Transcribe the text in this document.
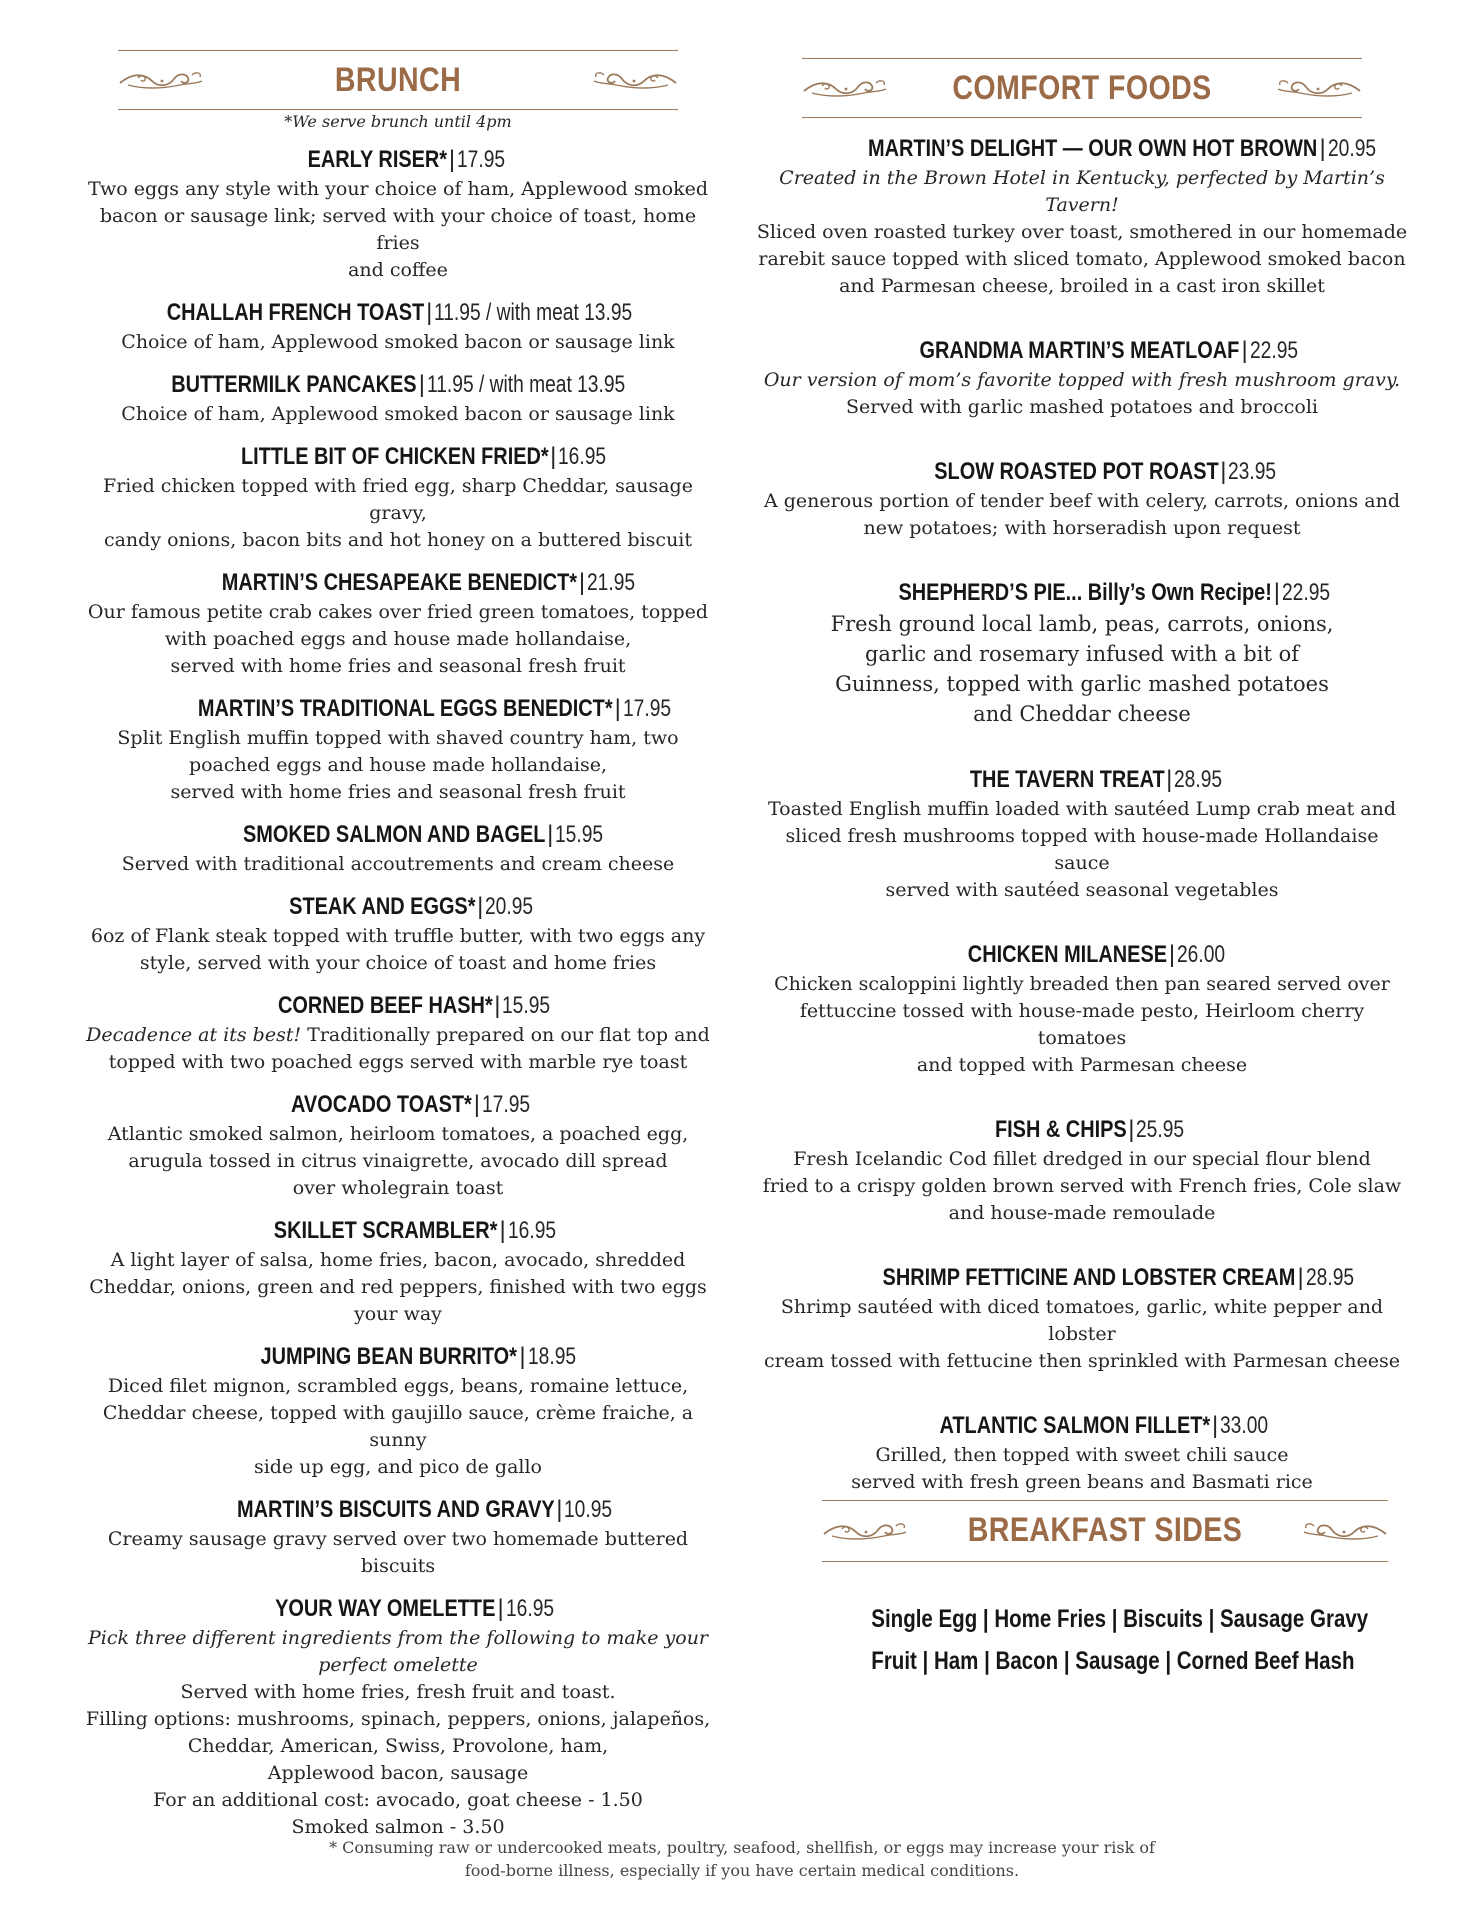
BRUNCH

*We serve brunch until 4pm

EARLY RISER*|17.95

Two eggs any style with your choice of ham, Applewood smoked

bacon or sausage link; served with your choice of toast, home fries

and coffee

CHALLAH FRENCH TOAST|11.95 / with meat 13.95

Choice of ham, Applewood smoked bacon or sausage link

BUTTERMILK PANCAKES|11.95 / with meat 13.95

Choice of ham, Applewood smoked bacon or sausage link

LITTLE BIT OF CHICKEN FRIED*|16.95

Fried chicken topped with fried egg, sharp Cheddar, sausage gravy,

candy onions, bacon bits and hot honey on a buttered biscuit

MARTIN’S CHESAPEAKE BENEDICT*|21.95

Our famous petite crab cakes over fried green tomatoes, topped

with poached eggs and house made hollandaise,

served with home fries and seasonal fresh fruit

MARTIN’S TRADITIONAL EGGS BENEDICT*|17.95

Split English muffin topped with shaved country ham, two

poached eggs and house made hollandaise,

served with home fries and seasonal fresh fruit

SMOKED SALMON AND BAGEL|15.95

Served with traditional accoutrements and cream cheese

STEAK AND EGGS*|20.95

6oz of Flank steak topped with truffle butter, with two eggs any

style, served with your choice of toast and home fries

CORNED BEEF HASH*|15.95

Decadence at its best! Traditionally prepared on our flat top and

topped with two poached eggs served with marble rye toast

AVOCADO TOAST*|17.95

Atlantic smoked salmon, heirloom tomatoes, a poached egg,

arugula tossed in citrus vinaigrette, avocado dill spread

over wholegrain toast

SKILLET SCRAMBLER*|16.95

A light layer of salsa, home fries, bacon, avocado, shredded

Cheddar, onions, green and red peppers, finished with two eggs

your way

JUMPING BEAN BURRITO*|18.95

Diced filet mignon, scrambled eggs, beans, romaine lettuce,

Cheddar cheese, topped with gaujillo sauce, crème fraiche, a sunny

side up egg, and pico de gallo

MARTIN’S BISCUITS AND GRAVY|10.95

Creamy sausage gravy served over two homemade buttered biscuits

YOUR WAY OMELETTE|16.95

Pick three different ingredients from the following to make your perfect omelette

Served with home fries, fresh fruit and toast.

Filling options: mushrooms, spinach, peppers, onions, jalapeños,

Cheddar, American, Swiss, Provolone, ham,

Applewood bacon, sausage

For an additional cost: avocado, goat cheese - 1.50

Smoked salmon - 3.50

COMFORT FOODS

MARTIN’S DELIGHT — OUR OWN HOT BROWN|20.95

Created in the Brown Hotel in Kentucky, perfected by Martin’s Tavern!

Sliced oven roasted turkey over toast, smothered in our homemade

rarebit sauce topped with sliced tomato, Applewood smoked bacon

and Parmesan cheese, broiled in a cast iron skillet

GRANDMA MARTIN’S MEATLOAF|22.95

Our version of mom’s favorite topped with fresh mushroom gravy.

Served with garlic mashed potatoes and broccoli

SLOW ROASTED POT ROAST|23.95

A generous portion of tender beef with celery, carrots, onions and

new potatoes; with horseradish upon request

SHEPHERD’S PIE... Billy’s Own Recipe!|22.95

Fresh ground local lamb, peas, carrots, onions,

garlic and rosemary infused with a bit of

Guinness, topped with garlic mashed potatoes

and Cheddar cheese

THE TAVERN TREAT|28.95

Toasted English muffin loaded with sautéed Lump crab meat and

sliced fresh mushrooms topped with house-made Hollandaise sauce

served with sautéed seasonal vegetables

CHICKEN MILANESE|26.00

Chicken scaloppini lightly breaded then pan seared served over

fettuccine tossed with house-made pesto, Heirloom cherry tomatoes

and topped with Parmesan cheese

FISH & CHIPS|25.95

Fresh Icelandic Cod fillet dredged in our special flour blend

fried to a crispy golden brown served with French fries, Cole slaw

and house-made remoulade

SHRIMP FETTICINE AND LOBSTER CREAM|28.95

Shrimp sautéed with diced tomatoes, garlic, white pepper and lobster

cream tossed with fettucine then sprinkled with Parmesan cheese

ATLANTIC SALMON FILLET*|33.00

Grilled, then topped with sweet chili sauce

served with fresh green beans and Basmati rice

BREAKFAST SIDES

Single Egg | Home Fries | Biscuits | Sausage Gravy

Fruit | Ham | Bacon | Sausage | Corned Beef Hash

* Consuming raw or undercooked meats, poultry, seafood, shellfish, or eggs may increase your risk of

food-borne illness, especially if you have certain medical conditions.
